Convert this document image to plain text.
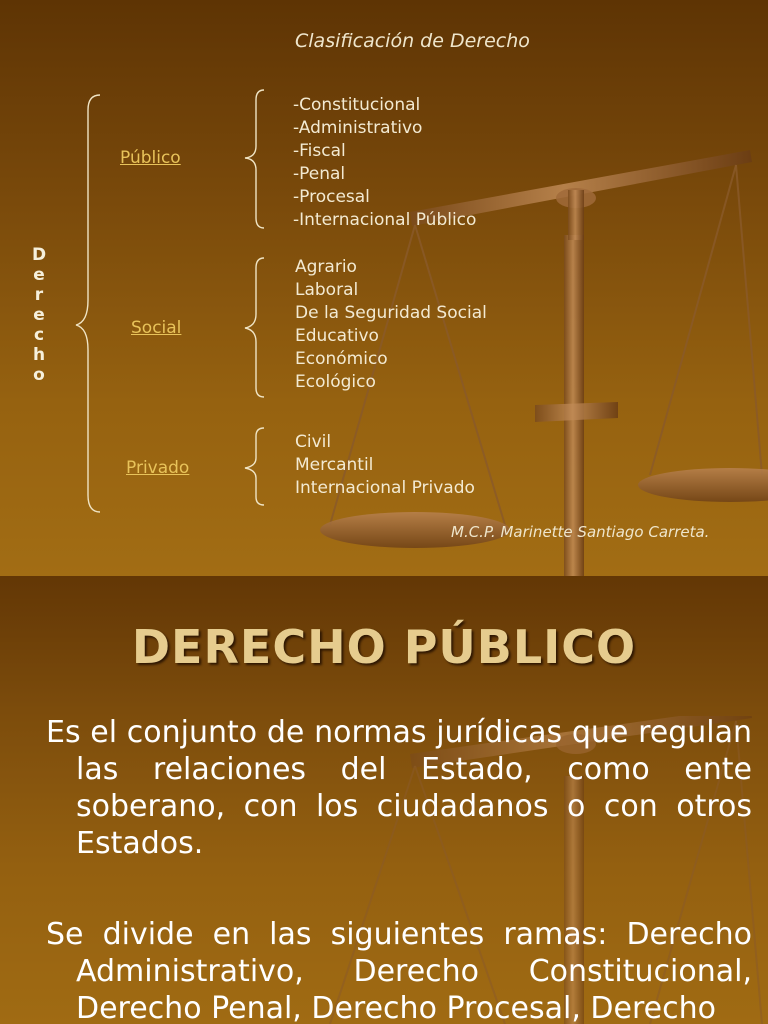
Clasificación de Derecho

D
e
r
e
c
h
o
Público
Social
Privado
-Constitucional
-Administrativo
-Fiscal
-Penal
-Procesal
-Internacional Público
Agrario
Laboral
De la Seguridad Social
Educativo
Económico
Ecológico
Civil
Mercantil
Internacional Privado

M.C.P. Marinette Santiago Carreta.

DERECHO PÚBLICO

Es el conjunto de normas jurídicas que regulan las relaciones del Estado, como ente soberano, con los ciudadanos o con otros Estados.

Se divide en las siguientes ramas: Derecho Administrativo, Derecho Constitucional, Derecho Penal, Derecho Procesal, Derecho
